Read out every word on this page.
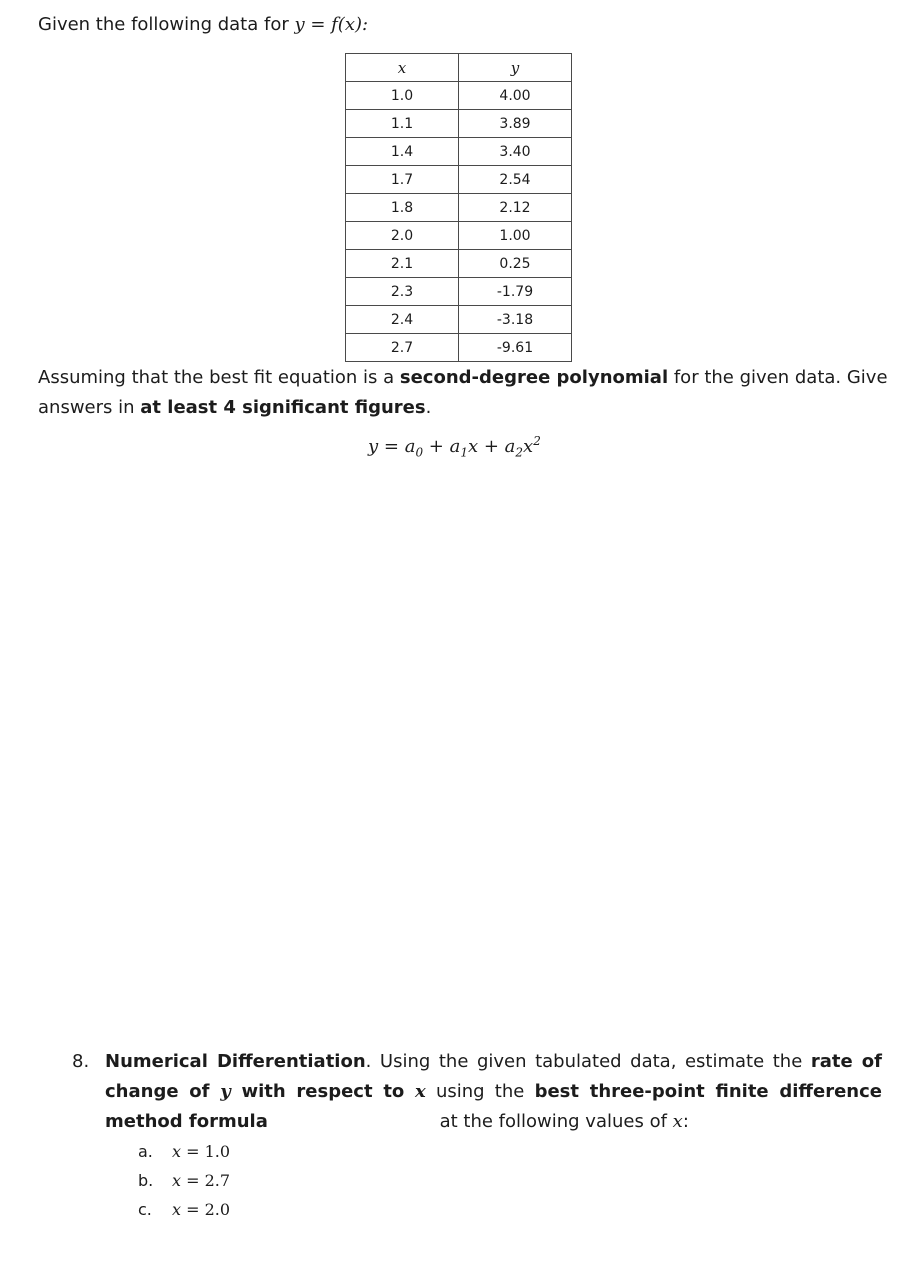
Given the following data for y = f(x):
x	y
1.0	4.00
1.1	3.89
1.4	3.40
1.7	2.54
1.8	2.12
2.0	1.00
2.1	0.25
2.3	-1.79
2.4	-3.18
2.7	-9.61
Assuming that the best fit equation is a second-degree polynomial for the given data. Give answers in at least 4 significant figures.
$y = a_0 + a_1x + a_2x^2$
8. Numerical Differentiation. Using the given tabulated data, estimate the rate of change of y with respect to x using the best three-point finite difference method formula	at the following values of x:
a. x = 1.0
b. x = 2.7
c. x = 2.0
